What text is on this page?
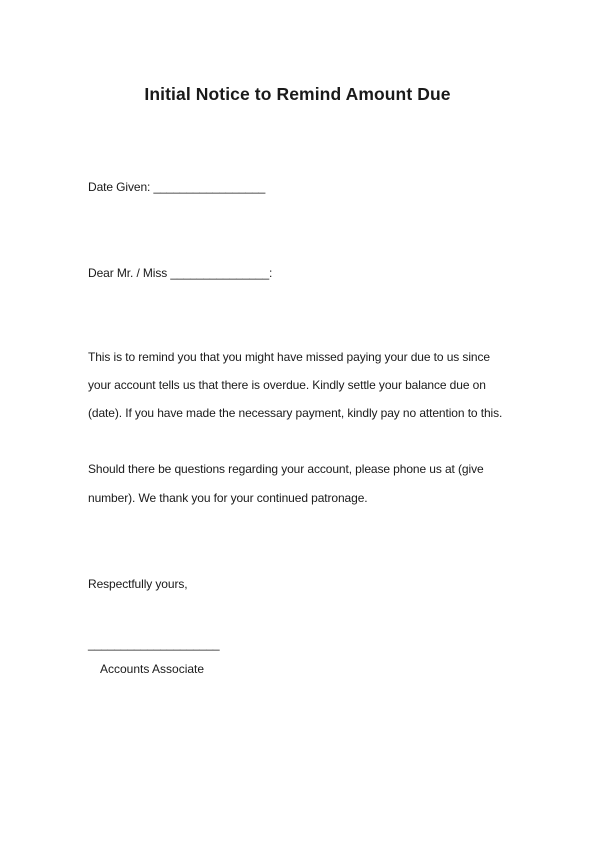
Initial Notice to Remind Amount Due
Date Given: _________________
Dear Mr. / Miss _______________:
This is to remind you that you might have missed paying your due to us since
your account tells us that there is overdue. Kindly settle your balance due on
(date). If you have made the necessary payment, kindly pay no attention to this.
Should there be questions regarding your account, please phone us at (give
number). We thank you for your continued patronage.
Respectfully yours,
____________________
Accounts Associate
